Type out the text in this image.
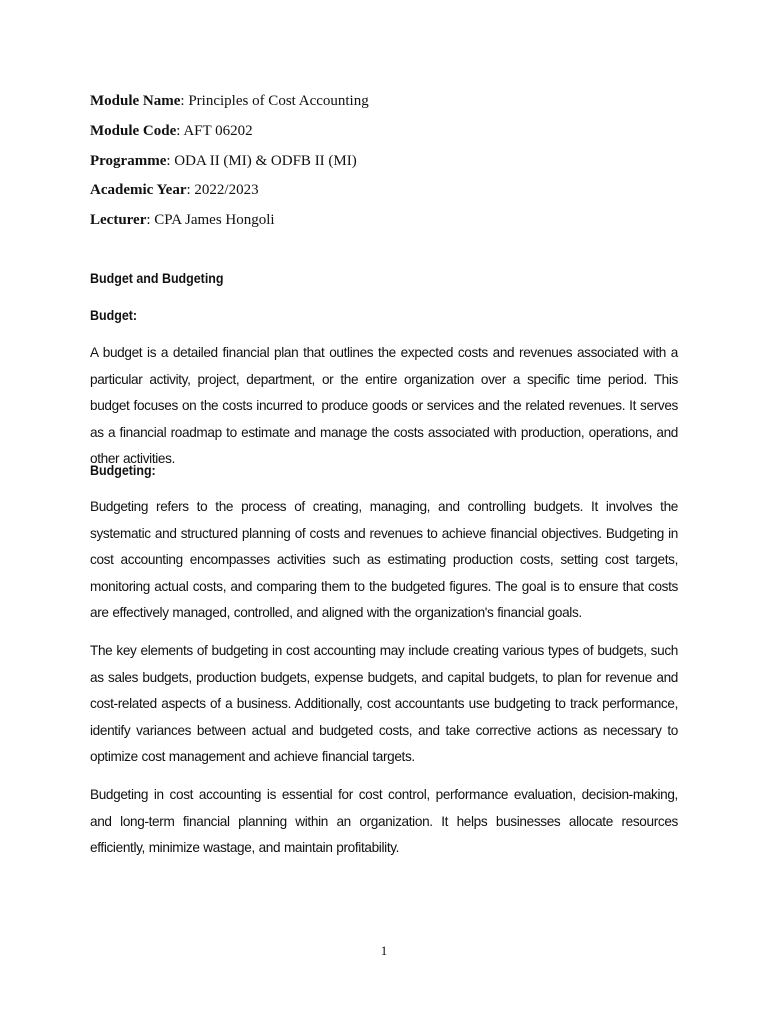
Module Name: Principles of Cost Accounting
Module Code: AFT 06202
Programme: ODA II (MI) & ODFB II (MI)
Academic Year: 2022/2023
Lecturer: CPA James Hongoli
Budget and Budgeting
Budget:

A budget is a detailed financial plan that outlines the expected costs and revenues associated with a particular activity, project, department, or the entire organization over a specific time period. This budget focuses on the costs incurred to produce goods or services and the related revenues. It serves as a financial roadmap to estimate and manage the costs associated with production, operations, and other activities.

Budgeting:

Budgeting refers to the process of creating, managing, and controlling budgets. It involves the systematic and structured planning of costs and revenues to achieve financial objectives. Budgeting in cost accounting encompasses activities such as estimating production costs, setting cost targets, monitoring actual costs, and comparing them to the budgeted figures. The goal is to ensure that costs are effectively managed, controlled, and aligned with the organization's financial goals.

The key elements of budgeting in cost accounting may include creating various types of budgets, such as sales budgets, production budgets, expense budgets, and capital budgets, to plan for revenue and cost-related aspects of a business. Additionally, cost accountants use budgeting to track performance, identify variances between actual and budgeted costs, and take corrective actions as necessary to optimize cost management and achieve financial targets.

Budgeting in cost accounting is essential for cost control, performance evaluation, decision-making, and long-term financial planning within an organization. It helps businesses allocate resources efficiently, minimize wastage, and maintain profitability.

1
